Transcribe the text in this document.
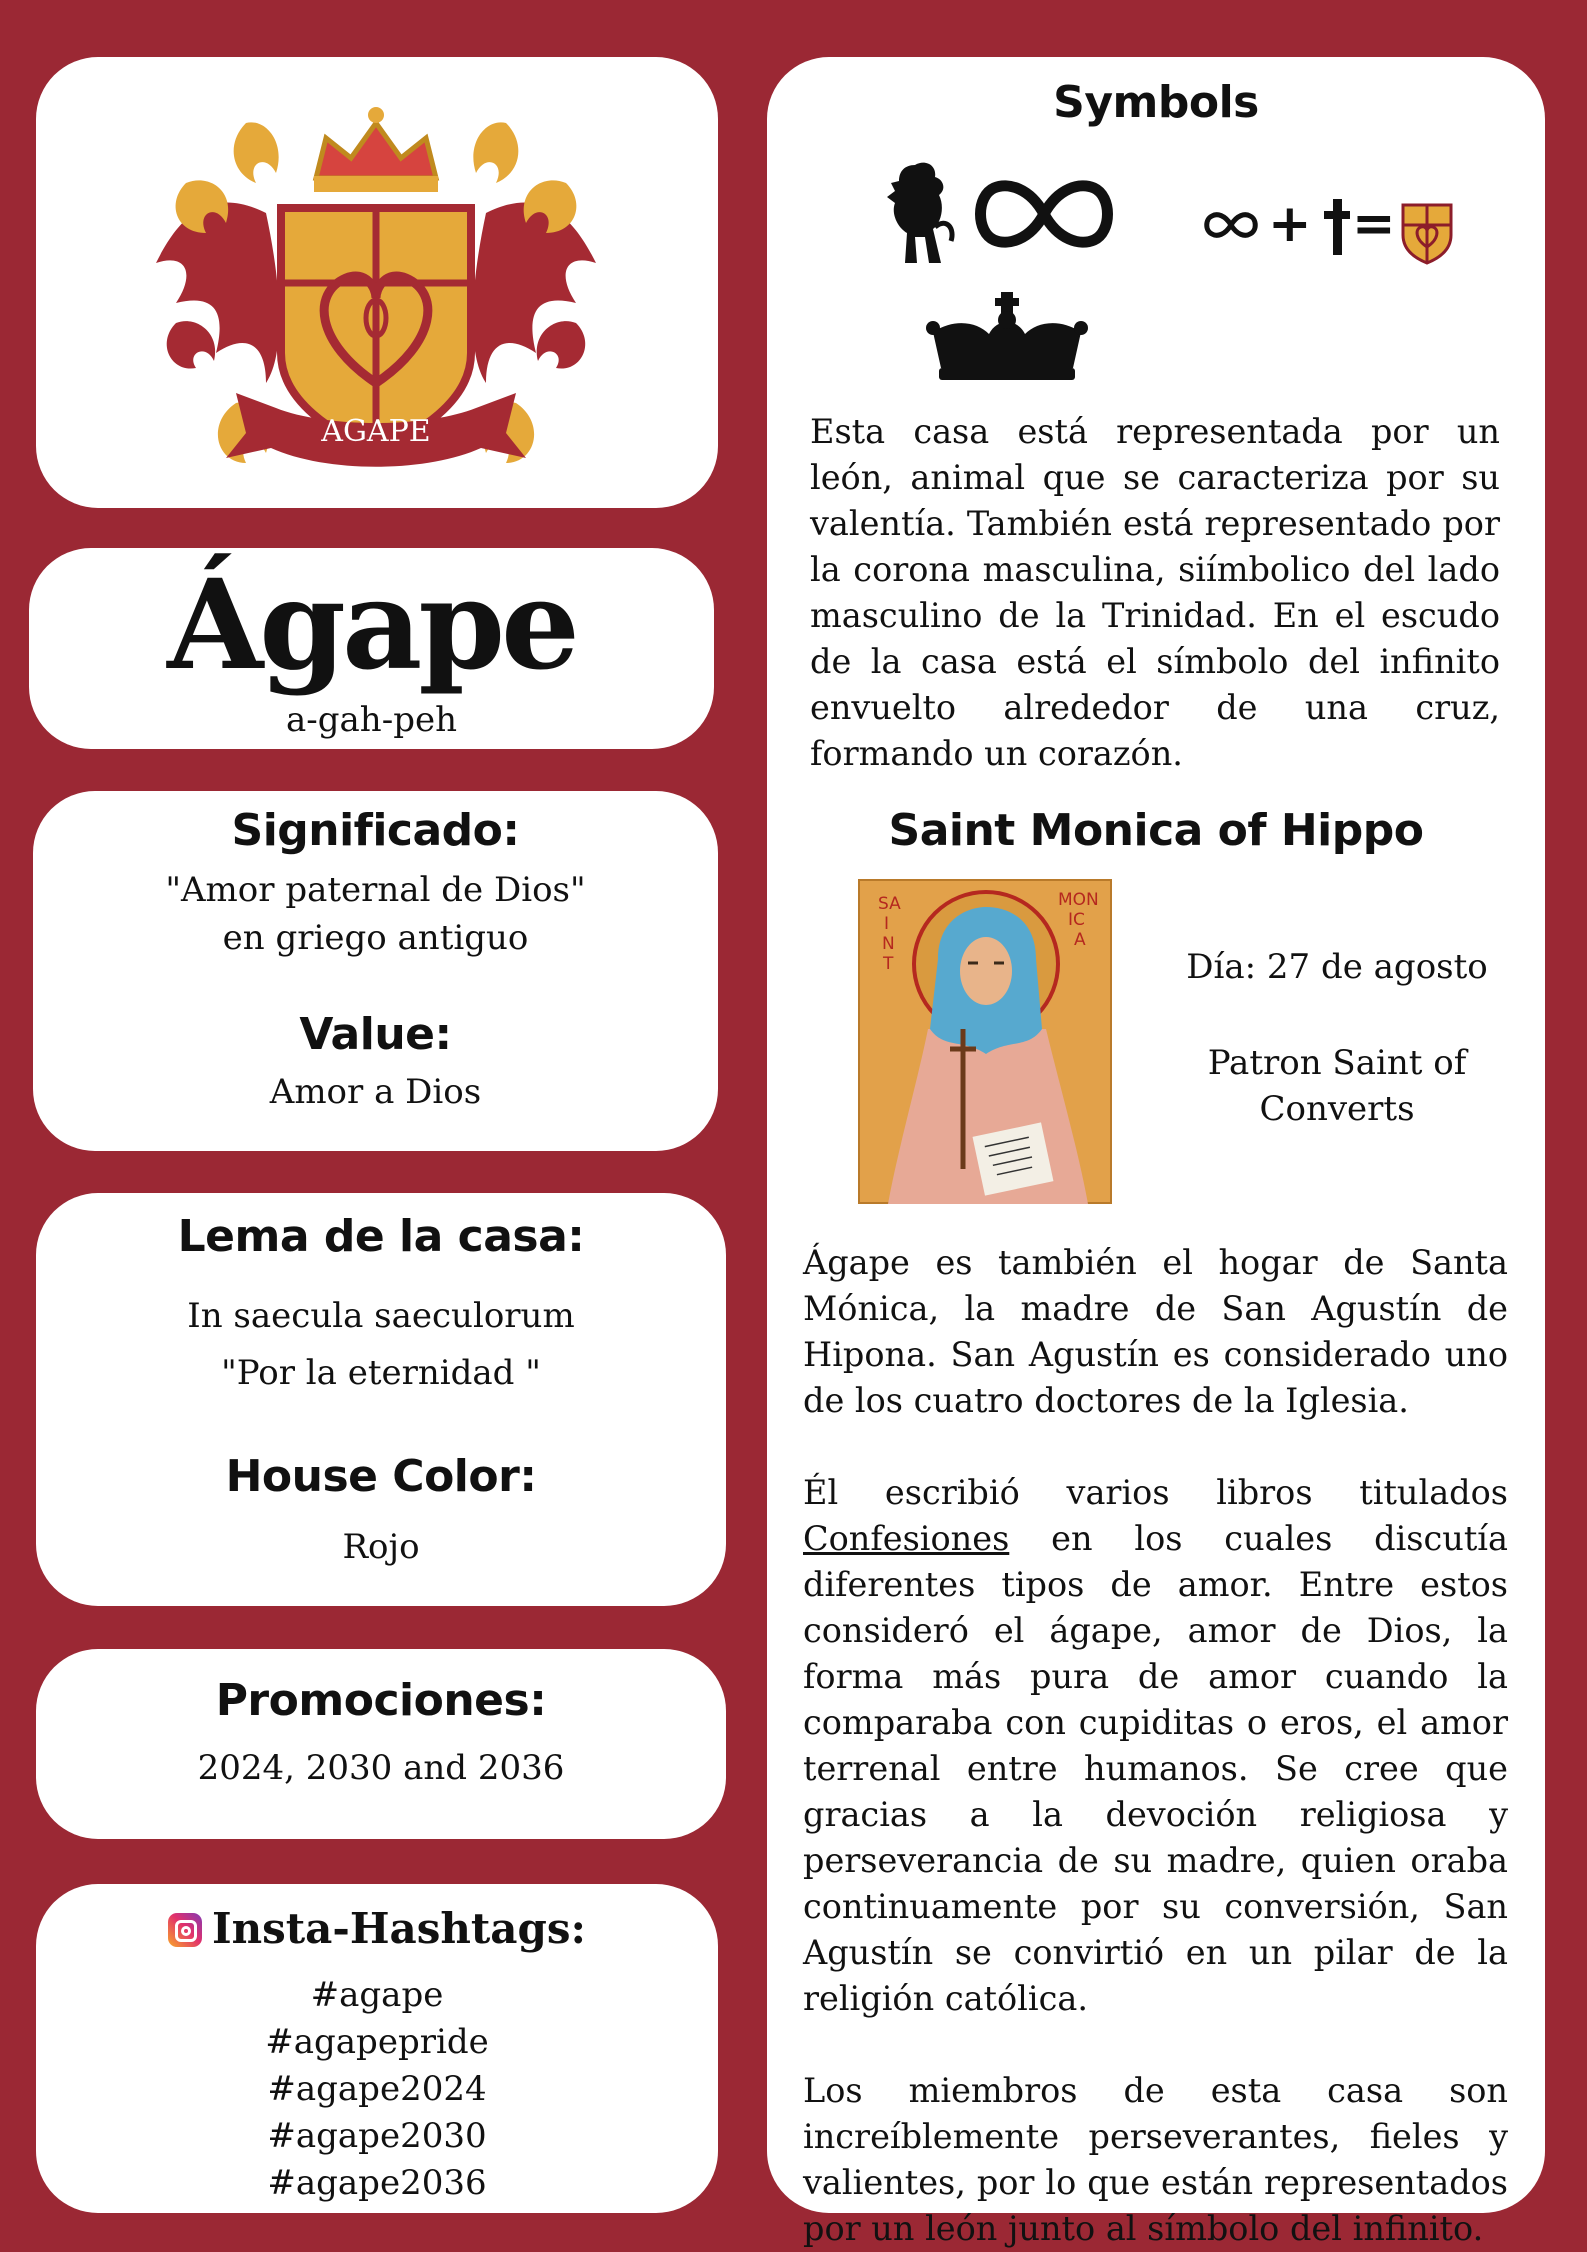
AGAPE
Ágape
a-gah-peh
Significado:
"Amor paternal de Dios"
en griego antiguo
Value:
Amor a Dios
Lema de la casa:
In saecula saeculorum
"Por la eternidad "
House Color:
Rojo
Promociones:
2024, 2030 and 2036
Insta-Hashtags:
#agape
#agapepride
#agape2024
#agape2030
#agape2036
Symbols
+ =

Esta casa está representada por un león, animal que se caracteriza por su valentía. También está representado por la corona masculina, siímbolico del lado masculino de la Trinidad. En el escudo de la casa está el símbolo del infinito envuelto alrededor de una cruz, formando un corazón.

Saint Monica of Hippo
SA
I
N
T
MON
IC
A
Día: 27 de agosto
Patron Saint of Converts

Ágape es también el hogar de Santa Mónica, la madre de San Agustín de Hipona. San Agustín es considerado uno de los cuatro doctores de la Iglesia.

Él escribió varios libros titulados Confesiones en los cuales discutía diferentes tipos de amor. Entre estos consideró el ágape, amor de Dios, la forma más pura de amor cuando la comparaba con cupiditas o eros, el amor terrenal entre humanos. Se cree que gracias a la devoción religiosa y perseverancia de su madre, quien oraba continuamente por su conversión, San Agustín se convirtió en un pilar de la religión católica.

Los miembros de esta casa son increíblemente perseverantes, fieles y valientes, por lo que están representados por un león junto al símbolo del infinito.
